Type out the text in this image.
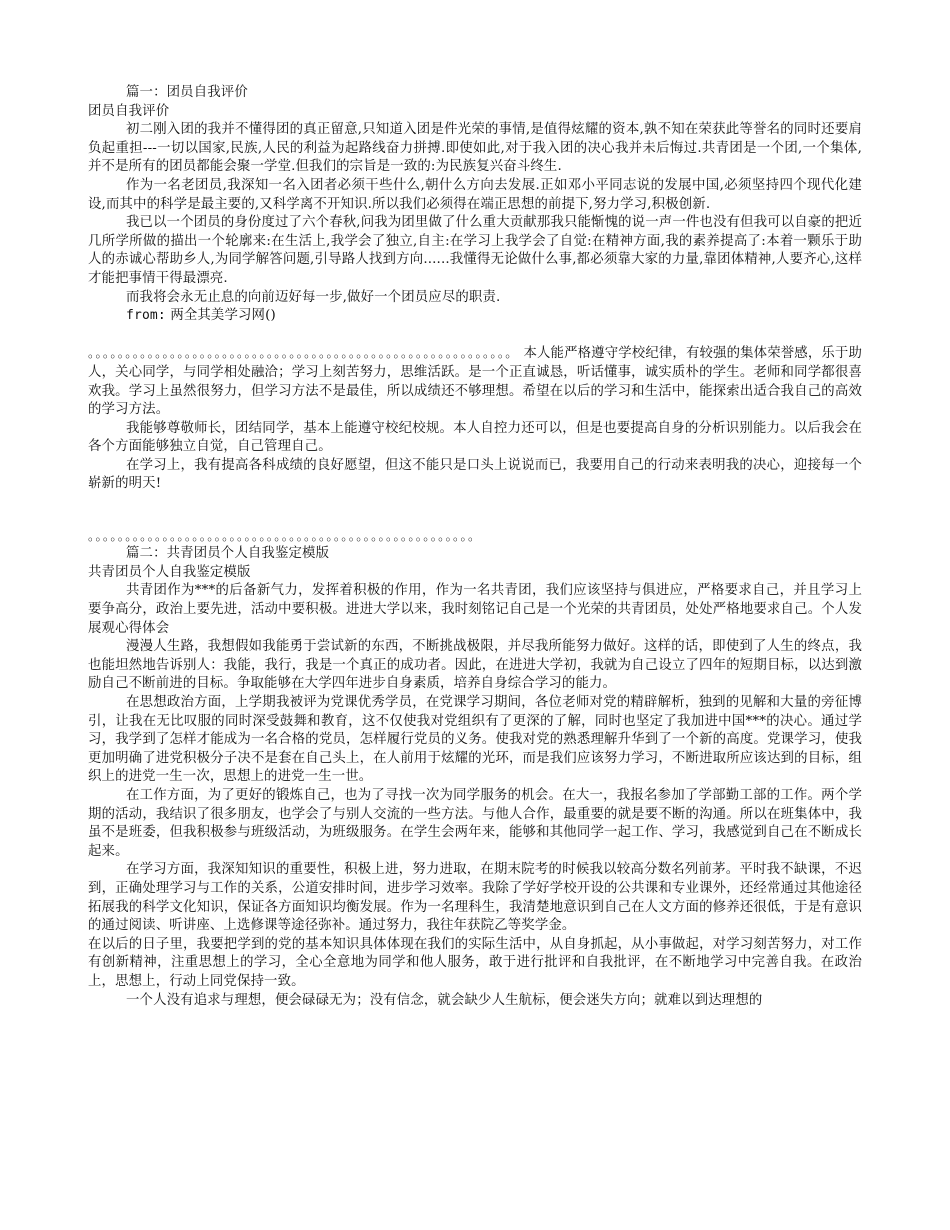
篇一：团员自我评价

团员自我评价

初二刚入团的我并不懂得团的真正留意,只知道入团是件光荣的事情,是值得炫耀的资本,孰不知在荣获此等誉名的同时还要肩负起重担---一切以国家,民族,人民的利益为起路线奋力拼搏.即使如此,对于我入团的决心我并未后悔过.共青团是一个团,一个集体,并不是所有的团员都能会聚一学堂.但我们的宗旨是一致的:为民族复兴奋斗终生.

作为一名老团员,我深知一名入团者必须干些什么,朝什么方向去发展.正如邓小平同志说的发展中国,必须坚持四个现代化建设,而其中的科学是最主要的,又科学离不开知识.所以我们必须得在端正思想的前提下,努力学习,积极创新.

我已以一个团员的身份度过了六个春秋,问我为团里做了什么重大贡献那我只能惭愧的说一声一件也没有但我可以自豪的把近几所学所做的描出一个轮廓来:在生活上,我学会了独立,自主:在学习上我学会了自觉:在精神方面,我的素养提高了:本着一颗乐于助人的赤诚心帮助乡人,为同学解答问题,引导路人找到方向......我懂得无论做什么事,都必须靠大家的力量,靠团体精神,人要齐心,这样才能把事情干得最漂亮.

而我将会永无止息的向前迈好每一步,做好一个团员应尽的职责.

from: 两全其美学习网()

。。。。。。。。。。。。。。。。。。。。。。。。。。。。。。。。。。。。。。。。。。。。。。。。。。。。。。。。。 本人能严格遵守学校纪律，有较强的集体荣誉感，乐于助人，关心同学，与同学相处融洽；学习上刻苦努力，思维活跃。是一个正直诚恳，听话懂事，诚实质朴的学生。老师和同学都很喜欢我。学习上虽然很努力，但学习方法不是最佳，所以成绩还不够理想。希望在以后的学习和生活中，能探索出适合我自己的高效的学习方法。

我能够尊敬师长，团结同学，基本上能遵守校纪校规。本人自控力还可以，但是也要提高自身的分析识别能力。以后我会在各个方面能够独立自觉，自己管理自己。

在学习上，我有提高各科成绩的良好愿望，但这不能只是口头上说说而已，我要用自己的行动来表明我的决心，迎接每一个崭新的明天!

。。。。。。。。。。。。。。。。。。。。。。。。。。。。。。。。。。。。。。。。。。。。。。。。。。。。

篇二：共青团员个人自我鉴定模版

共青团员个人自我鉴定模版

共青团作为***的后备新气力，发挥着积极的作用，作为一名共青团，我们应该坚持与俱进应，严格要求自己，并且学习上要争高分，政治上要先进，活动中要积极。进进大学以来，我时刻铭记自己是一个光荣的共青团员，处处严格地要求自己。个人发展观心得体会

漫漫人生路，我想假如我能勇于尝试新的东西，不断挑战极限，并尽我所能努力做好。这样的话，即使到了人生的终点，我也能坦然地告诉别人：我能，我行，我是一个真正的成功者。因此，在进进大学初，我就为自己设立了四年的短期目标，以达到激励自己不断前进的目标。争取能够在大学四年进步自身素质，培养自身综合学习的能力。

在思想政治方面，上学期我被评为党课优秀学员，在党课学习期间，各位老师对党的精辟解析，独到的见解和大量的旁征博引，让我在无比叹服的同时深受鼓舞和教育，这不仅使我对党组织有了更深的了解，同时也坚定了我加进中国***的决心。通过学习，我学到了怎样才能成为一名合格的党员，怎样履行党员的义务。使我对党的熟悉理解升华到了一个新的高度。党课学习，使我更加明确了进党积极分子决不是套在自己头上，在人前用于炫耀的光环，而是我们应该努力学习，不断进取所应该达到的目标，组织上的进党一生一次，思想上的进党一生一世。

在工作方面，为了更好的锻炼自己，也为了寻找一次为同学服务的机会。在大一，我报名参加了学部勤工部的工作。两个学期的活动，我结识了很多朋友，也学会了与别人交流的一些方法。与他人合作，最重要的就是要不断的沟通。所以在班集体中，我虽不是班委，但我积极参与班级活动，为班级服务。在学生会两年来，能够和其他同学一起工作、学习，我感觉到自己在不断成长起来。

在学习方面，我深知知识的重要性，积极上进，努力进取，在期末院考的时候我以较高分数名列前茅。平时我不缺课，不迟到，正确处理学习与工作的关系，公道安排时间，进步学习效率。我除了学好学校开设的公共课和专业课外，还经常通过其他途径拓展我的科学文化知识，保证各方面知识均衡发展。作为一名理科生，我清楚地意识到自己在人文方面的修养还很低，于是有意识的通过阅读、听讲座、上选修课等途径弥补。通过努力，我往年获院乙等奖学金。

在以后的日子里，我要把学到的党的基本知识具体体现在我们的实际生活中，从自身抓起，从小事做起，对学习刻苦努力，对工作有创新精神，注重思想上的学习，全心全意地为同学和他人服务，敢于进行批评和自我批评，在不断地学习中完善自我。在政治上，思想上，行动上同党保持一致。

一个人没有追求与理想，便会碌碌无为；没有信念，就会缺少人生航标，便会迷失方向；就难以到达理想的
